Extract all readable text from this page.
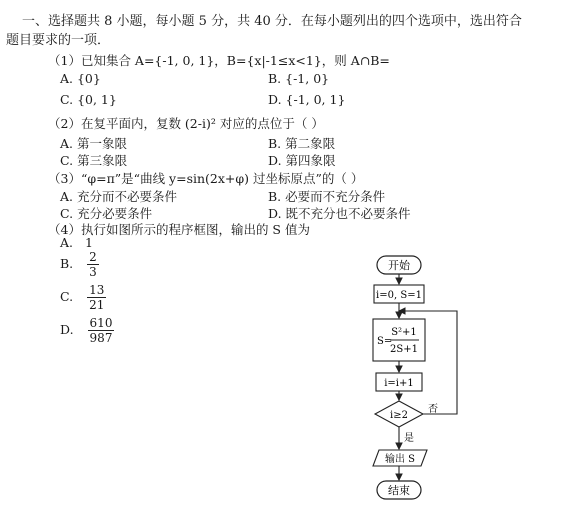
一、选择题共 8 小题，每小题 5 分，共 40 分．在每小题列出的四个选项中，选出符合
题目要求的一项．
（1）已知集合 A={-1, 0, 1}，B={x|-1≤x<1}，则 A∩B=
A. {0}	B. {-1, 0}
C. {0, 1}	D. {-1, 0, 1}
（2）在复平面内，复数 (2-i)² 对应的点位于（ ）
A. 第一象限	B. 第二象限
C. 第三象限	D. 第四象限
（3）“φ=π”是“曲线 y=sin(2x+φ) 过坐标原点”的（ ）
A. 充分而不必要条件	B. 必要而不充分条件
C. 充分必要条件	D. 既不充分也不必要条件
（4）执行如图所示的程序框图，输出的 S 值为
A. 1
B. $\frac{2}{3}$
C. $\frac{13}{21}$
D. $\frac{610}{987}$
开始
i=0, S=1
S=
S²+1
2S+1
i=i+1
i≥2
否
是
输出 S
结束
